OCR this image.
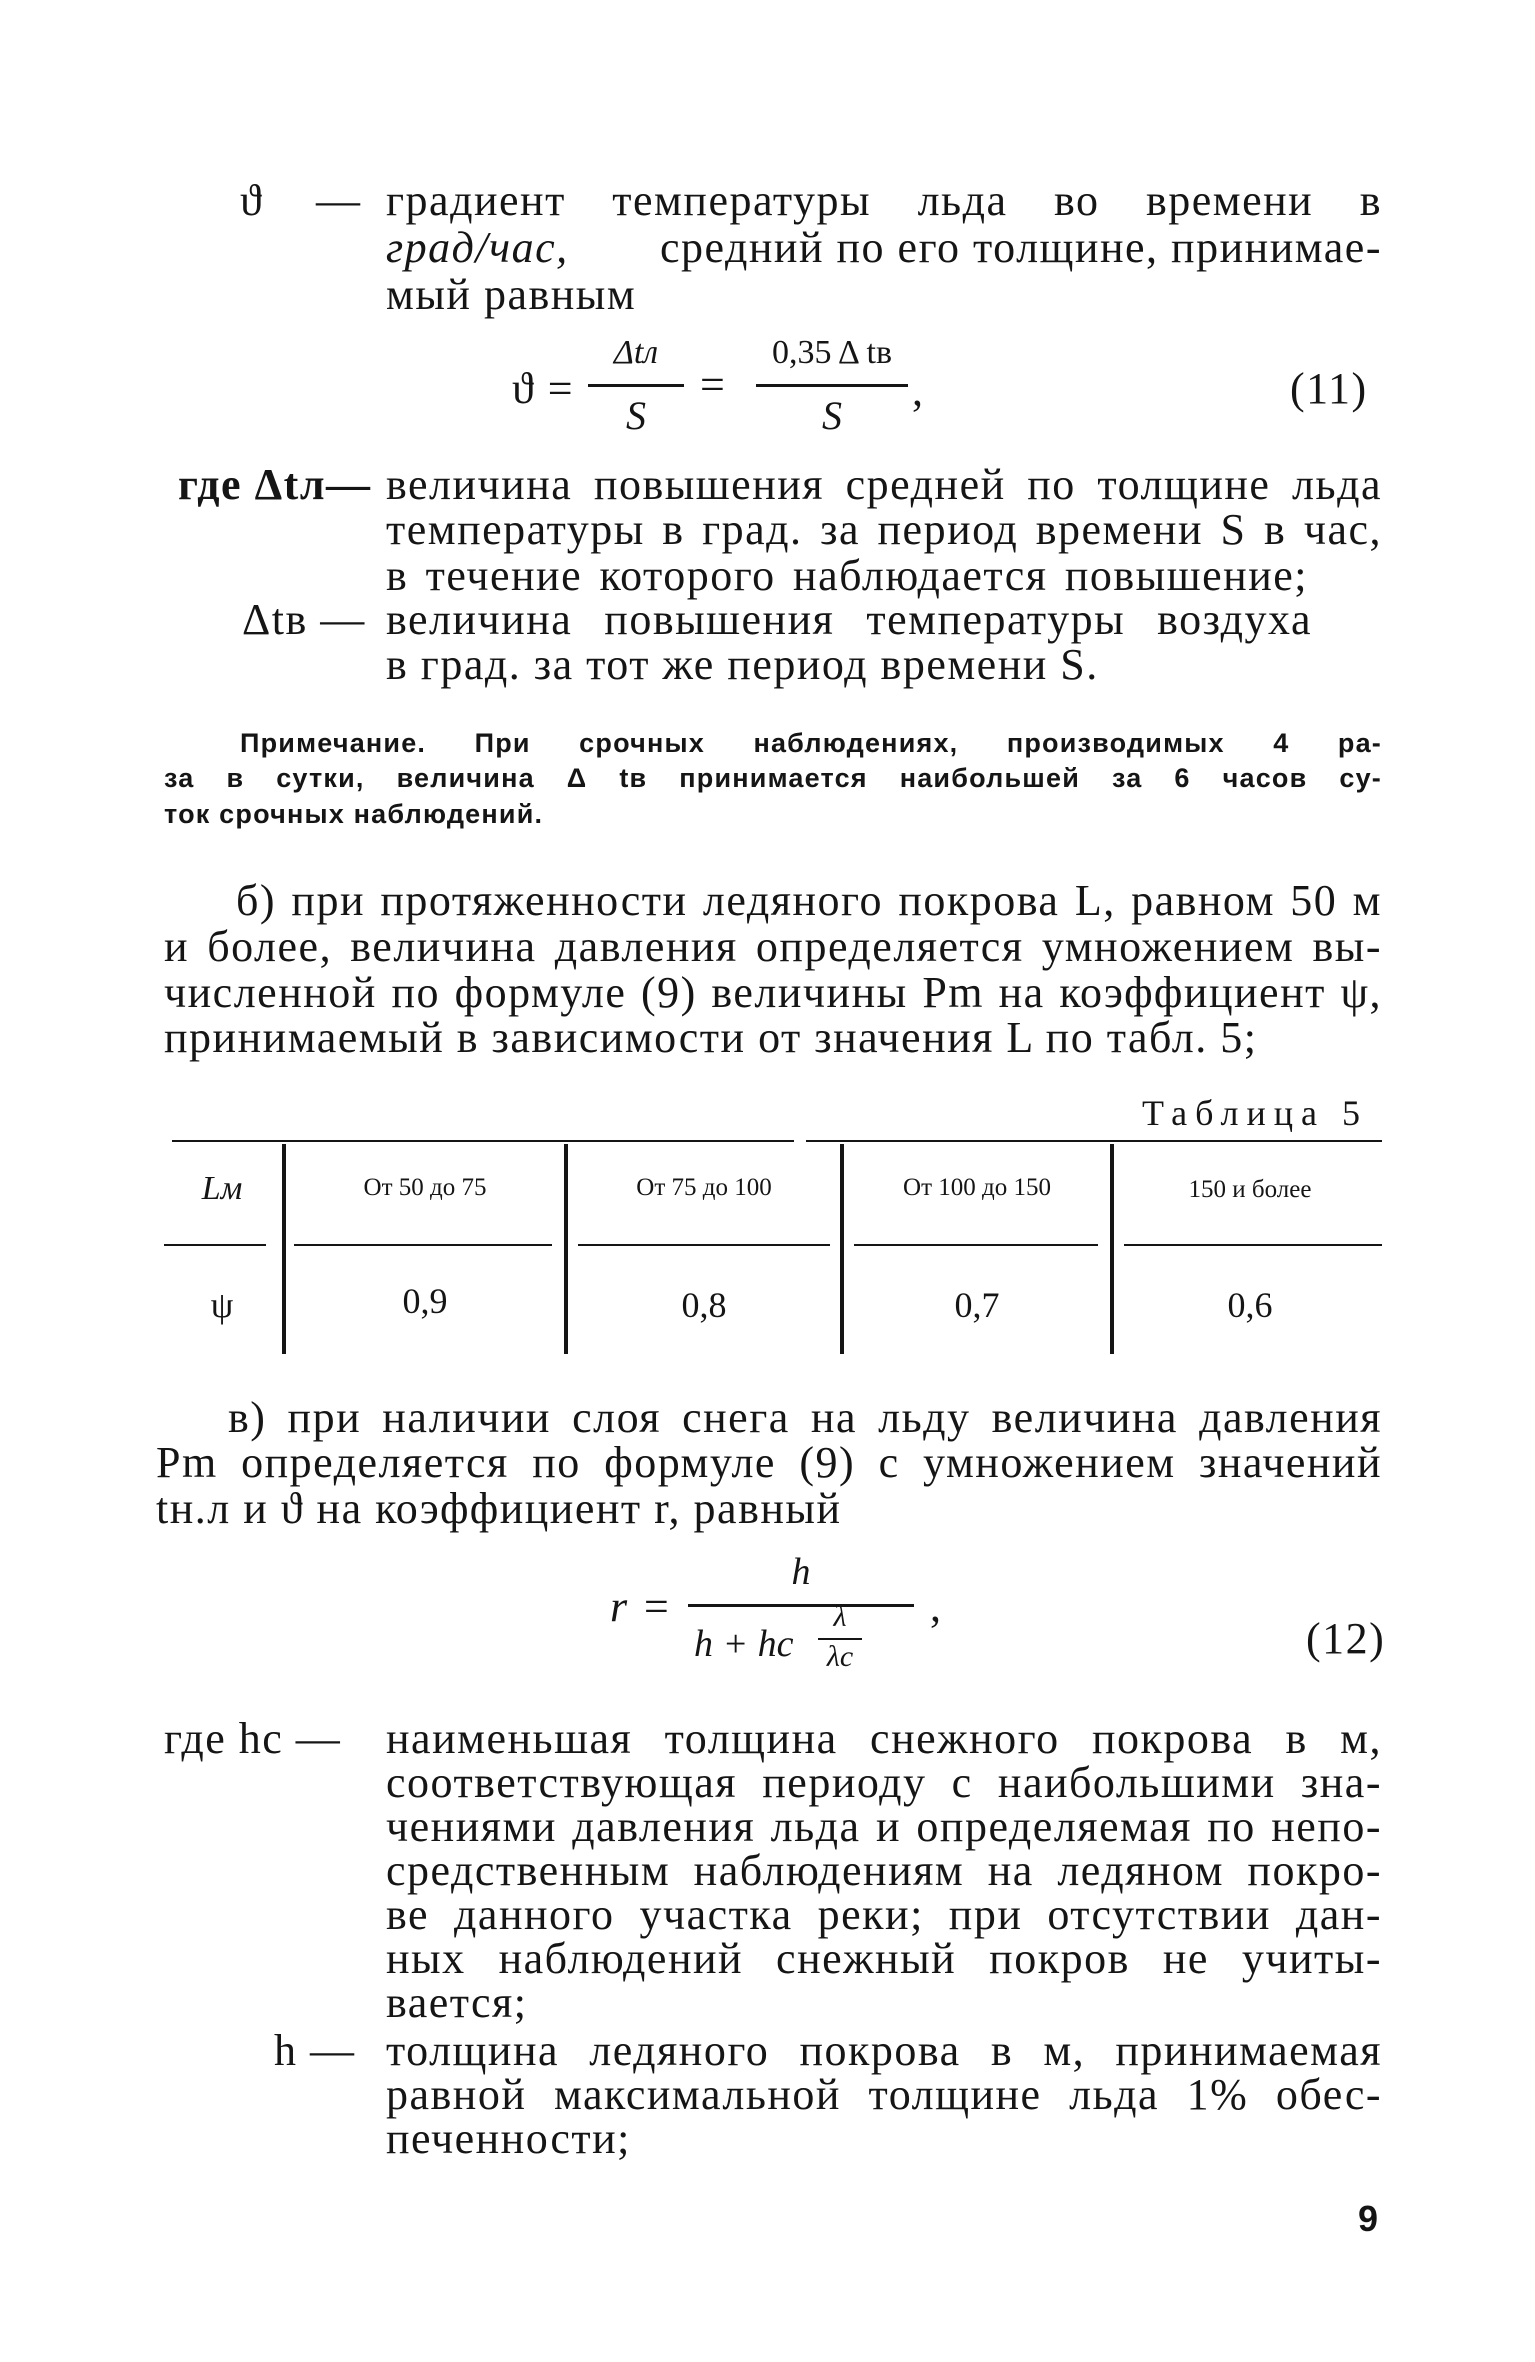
ϑ — градиент температуры льда во времени в
град/час, средний по его толщине, принимае-
мый равным
ϑ =
Δtл
S
=
0,35 Δ tв
S
,	(11)
где Δtл— величина повышения средней по толщине льда
температуры в град. за период времени S в час,
в течение которого наблюдается повышение;
Δtв — величина повышения температуры воздуха
в град. за тот же период времени S.
Примечание. При срочных наблюдениях, производимых 4 ра-
за в сутки, величина Δ tв принимается наибольшей за 6 часов су-
ток срочных наблюдений.
б) при протяженности ледяного покрова L, равном 50 м
и более, величина давления определяется умножением вы-
численной по формуле (9) величины Pm на коэффициент ψ,
принимаемый в зависимости от значения L по табл. 5;
Таблица 5
Lм	От 50 до 75	От 75 до 100	От 100 до 150	150 и более
ψ	0,9	0,8	0,7	0,6
в) при наличии слоя снега на льду величина давления
Pm определяется по формуле (9) с умножением значений
tн.л и ϑ на коэффициент r, равный
r =
h
h + hс
λ
λс
,
(12)
где hс — наименьшая толщина снежного покрова в м,
соответствующая периоду с наибольшими зна-
чениями давления льда и определяемая по непо-
средственным наблюдениям на ледяном покро-
ве данного участка реки; при отсутствии дан-
ных наблюдений снежный покров не учиты-
вается;
h — толщина ледяного покрова в м, принимаемая
равной максимальной толщине льда 1% обес-
печенности;
9
